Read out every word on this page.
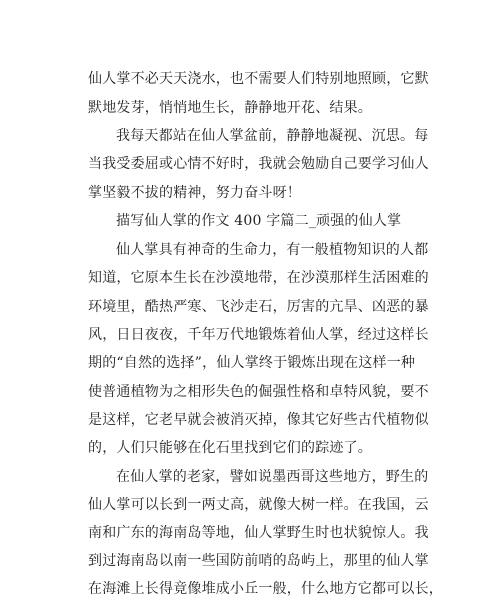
仙人掌不必天天浇水，也不需要人们特别地照顾，它默
默地发芽，悄悄地生长，静静地开花、结果。
我每天都站在仙人掌盆前，静静地凝视、沉思。每
当我受委屈或心情不好时，我就会勉励自己要学习仙人
掌坚毅不拔的精神，努力奋斗呀！
描写仙人掌的作文 400 字篇二_顽强的仙人掌
仙人掌具有神奇的生命力，有一般植物知识的人都
知道，它原本生长在沙漠地带，在沙漠那样生活困难的
环境里，酷热严寒、飞沙走石，厉害的亢旱、凶恶的暴
风，日日夜夜，千年万代地锻炼着仙人掌，经过这样长
期的“自然的选择”，仙人掌终于锻炼出现在这样一种
使普通植物为之相形失色的倔强性格和卓特风貌，要不
是这样，它老早就会被消灭掉，像其它好些古代植物似
的，人们只能够在化石里找到它们的踪迹了。
在仙人掌的老家，譬如说墨西哥这些地方，野生的
仙人掌可以长到一两丈高，就像大树一样。在我国，云
南和广东的海南岛等地，仙人掌野生时也状貌惊人。我
到过海南岛以南一些国防前哨的岛屿上，那里的仙人掌
在海滩上长得竟像堆成小丘一般，什么地方它都可以长，
